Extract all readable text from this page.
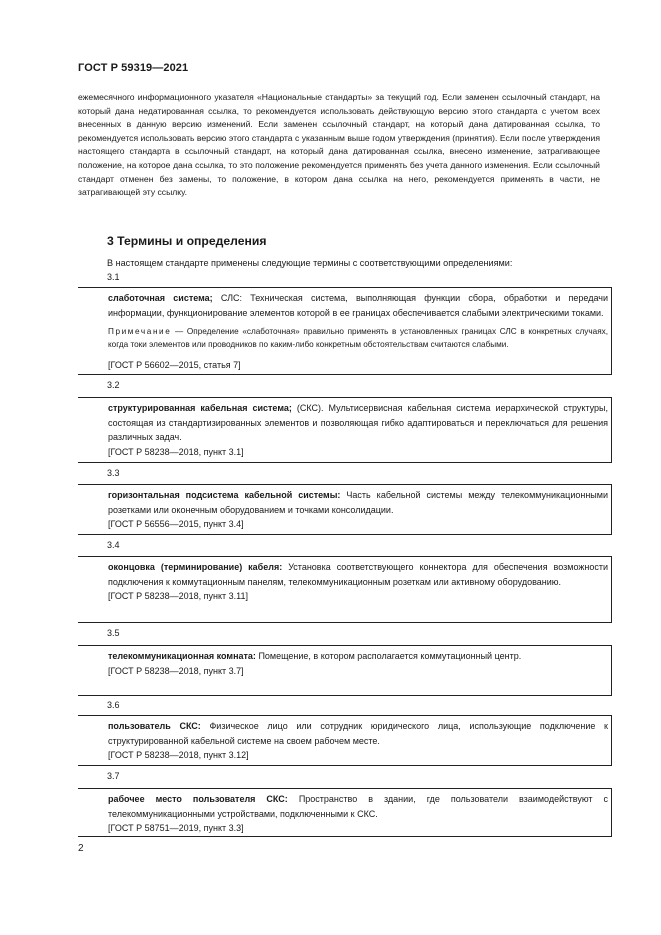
ГОСТ Р 59319—2021
ежемесячного информационного указателя «Национальные стандарты» за текущий год. Если заменен ссылочный стандарт, на который дана недатированная ссылка, то рекомендуется использовать действующую версию этого стандарта с учетом всех внесенных в данную версию изменений. Если заменен ссылочный стандарт, на который дана датированная ссылка, то рекомендуется использовать версию этого стандарта с указанным выше годом утверждения (принятия). Если после утверждения настоящего стандарта в ссылочный стандарт, на который дана датированная ссылка, внесено изменение, затрагивающее положение, на которое дана ссылка, то это положение рекомендуется применять без учета данного изменения. Если ссылочный стандарт отменен без замены, то положение, в котором дана ссылка на него, рекомендуется применять в части, не затрагивающей эту ссылку.
3 Термины и определения
В настоящем стандарте применены следующие термины с соответствующими определениями:
3.1
слаботочная система; СЛС: Техническая система, выполняющая функции сбора, обработки и передачи информации, функционирование элементов которой в ее границах обеспечивается слабыми электрическими токами.
Примечание — Определение «слаботочная» правильно применять в установленных границах СЛС в конкретных случаях, когда токи элементов или проводников по каким-либо конкретным обстоятельствам считаются слабыми.
[ГОСТ Р 56602—2015, статья 7]
3.2
структурированная кабельная система; (СКС). Мультисервисная кабельная система иерархической структуры, состоящая из стандартизированных элементов и позволяющая гибко адаптироваться и переключаться для решения различных задач.
[ГОСТ Р 58238—2018, пункт 3.1]
3.3
горизонтальная подсистема кабельной системы: Часть кабельной системы между телекоммуникационными розетками или оконечным оборудованием и точками консолидации.
[ГОСТ Р 56556—2015, пункт 3.4]
3.4
оконцовка (терминирование) кабеля: Установка соответствующего коннектора для обеспечения возможности подключения к коммутационным панелям, телекоммуникационным розеткам или активному оборудованию.
[ГОСТ Р 58238—2018, пункт 3.11]
3.5
телекоммуникационная комната: Помещение, в котором располагается коммутационный центр.
[ГОСТ Р 58238—2018, пункт 3.7]
3.6
пользователь СКС: Физическое лицо или сотрудник юридического лица, использующие подключение к структурированной кабельной системе на своем рабочем месте.
[ГОСТ Р 58238—2018, пункт 3.12]
3.7
рабочее место пользователя СКС: Пространство в здании, где пользователи взаимодействуют с телекоммуникационными устройствами, подключенными к СКС.
[ГОСТ Р 58751—2019, пункт 3.3]
2
